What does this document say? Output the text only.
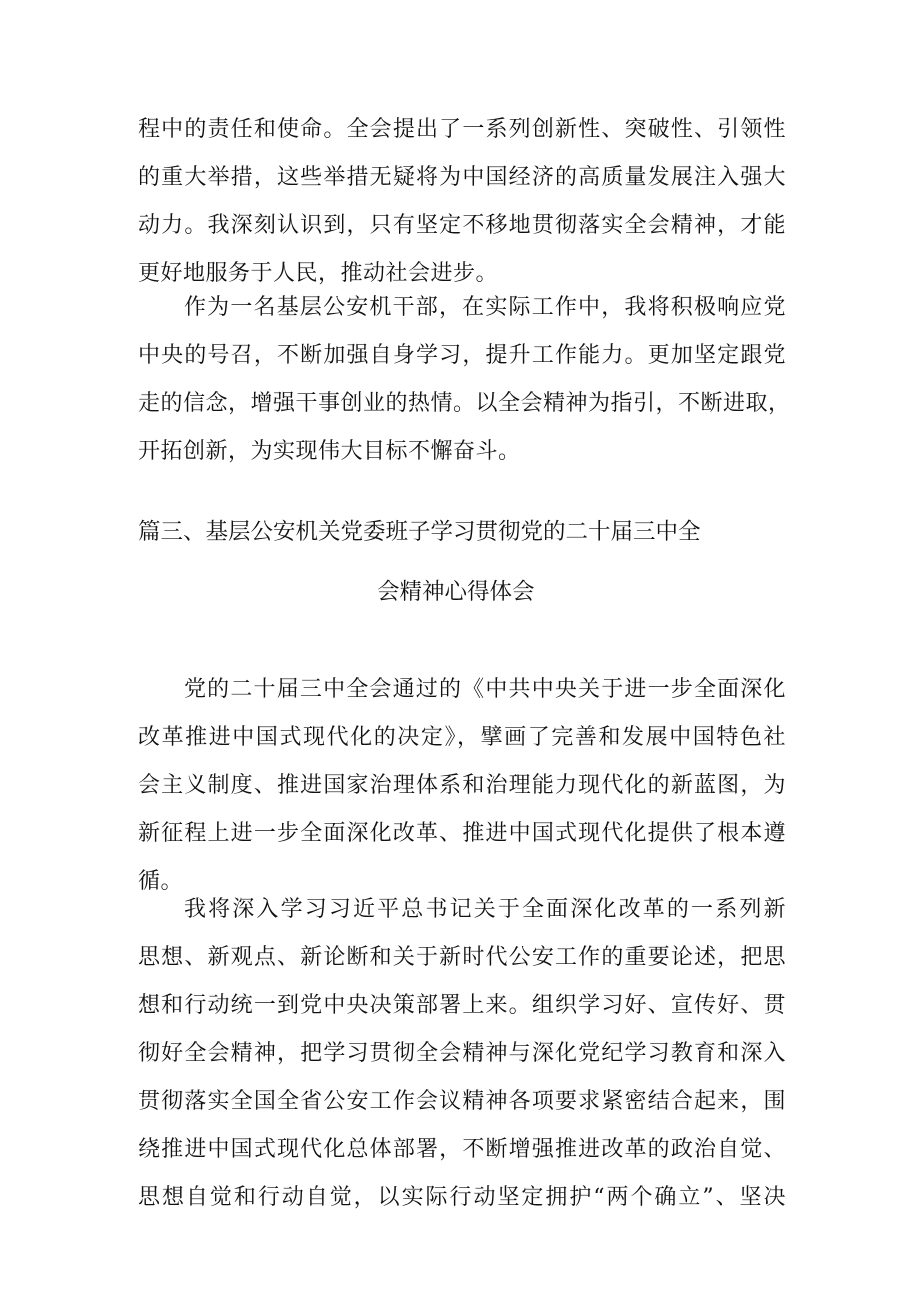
程中的责任和使命。全会提出了一系列创新性、突破性、引领性
的重大举措，这些举措无疑将为中国经济的高质量发展注入强大
动力。我深刻认识到，只有坚定不移地贯彻落实全会精神，才能
更好地服务于人民，推动社会进步。
作为一名基层公安机干部，在实际工作中，我将积极响应党
中央的号召，不断加强自身学习，提升工作能力。更加坚定跟党
走的信念，增强干事创业的热情。以全会精神为指引，不断进取，
开拓创新，为实现伟大目标不懈奋斗。
篇三、基层公安机关党委班子学习贯彻党的二十届三中全
会精神心得体会
党的二十届三中全会通过的《中共中央关于进一步全面深化
改革推进中国式现代化的决定》，擘画了完善和发展中国特色社
会主义制度、推进国家治理体系和治理能力现代化的新蓝图，为
新征程上进一步全面深化改革、推进中国式现代化提供了根本遵
循。
我将深入学习习近平总书记关于全面深化改革的一系列新
思想、新观点、新论断和关于新时代公安工作的重要论述，把思
想和行动统一到党中央决策部署上来。组织学习好、宣传好、贯
彻好全会精神，把学习贯彻全会精神与深化党纪学习教育和深入
贯彻落实全国全省公安工作会议精神各项要求紧密结合起来，围
绕推进中国式现代化总体部署，不断增强推进改革的政治自觉、
思想自觉和行动自觉，以实际行动坚定拥护“两个确立”、坚决
